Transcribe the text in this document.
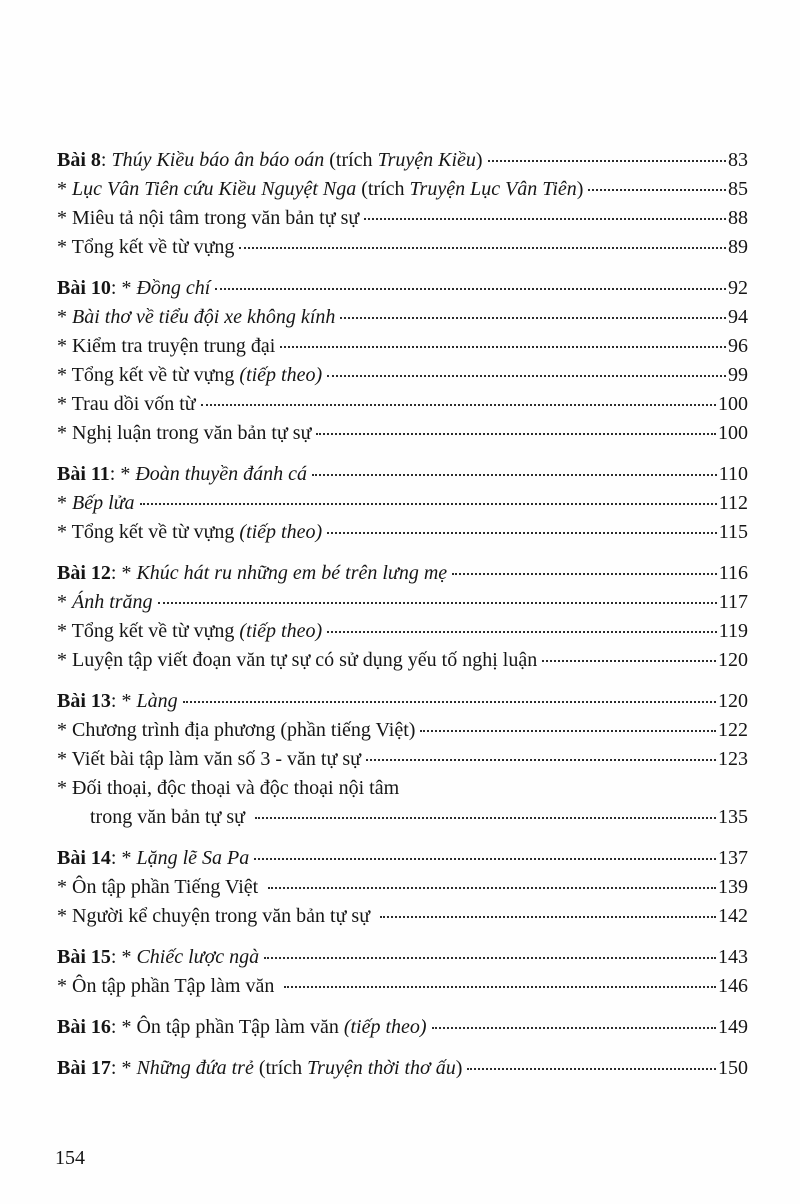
Bài 8: Thúy Kiều báo ân báo oán (trích Truyện Kiều)	83
* Lục Vân Tiên cứu Kiều Nguyệt Nga (trích Truyện Lục Vân Tiên)	85
* Miêu tả nội tâm trong văn bản tự sự	88
* Tổng kết về từ vựng	89
Bài 10: * Đồng chí	92
* Bài thơ về tiểu đội xe không kính	94
* Kiểm tra truyện trung đại	96
* Tổng kết về từ vựng (tiếp theo)	99
* Trau dồi vốn từ	100
* Nghị luận trong văn bản tự sự	100
Bài 11: * Đoàn thuyền đánh cá	110
* Bếp lửa	112
* Tổng kết về từ vựng (tiếp theo)	115
Bài 12: * Khúc hát ru những em bé trên lưng mẹ	116
* Ánh trăng	117
* Tổng kết về từ vựng (tiếp theo)	119
* Luyện tập viết đoạn văn tự sự có sử dụng yếu tố nghị luận	120
Bài 13: * Làng	120
* Chương trình địa phương (phần tiếng Việt)	122
* Viết bài tập làm văn số 3 - văn tự sự	123
* Đối thoại, độc thoại và độc thoại nội tâm
trong văn bản tự sự	135
Bài 14: * Lặng lẽ Sa Pa	137
* Ôn tập phần Tiếng Việt	139
* Người kể chuyện trong văn bản tự sự	142
Bài 15: * Chiếc lược ngà	143
* Ôn tập phần Tập làm văn	146
Bài 16: * Ôn tập phần Tập làm văn (tiếp theo)	149
Bài 17: * Những đứa trẻ (trích Truyện thời thơ ấu)	150
154
